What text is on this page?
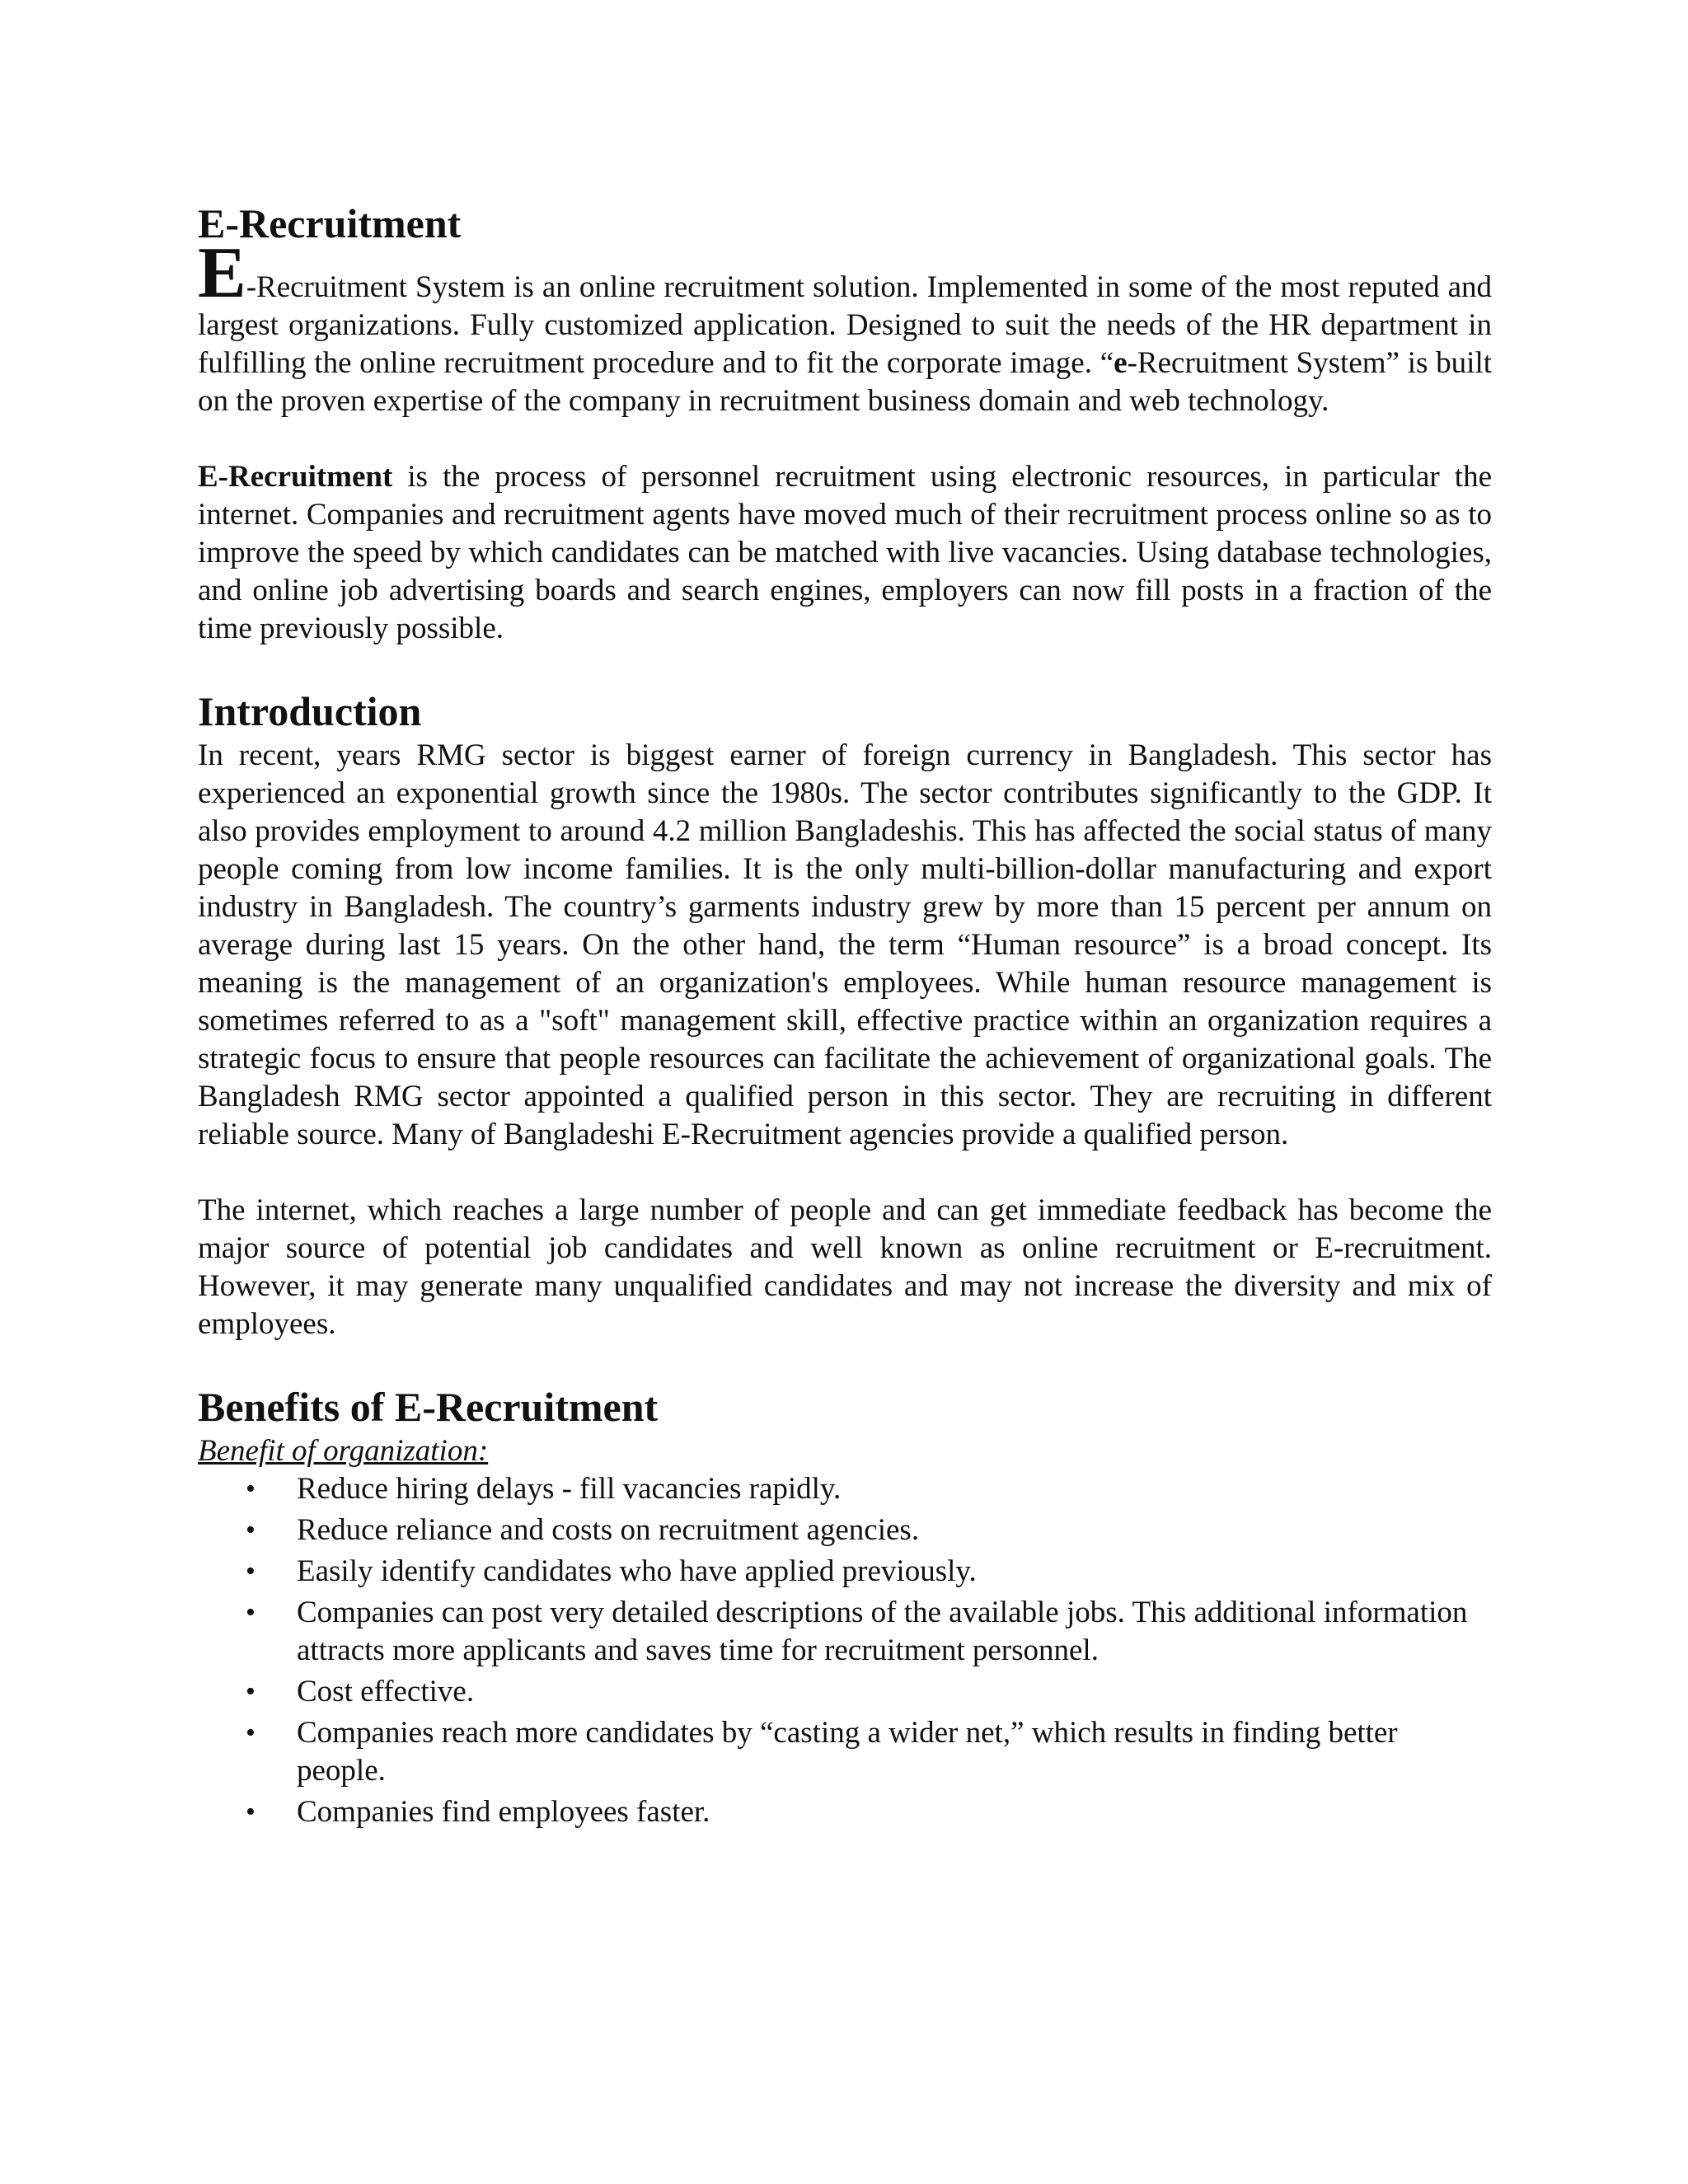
E-Recruitment

E-Recruitment System is an online recruitment solution. Implemented in some of the most reputed and largest organizations. Fully customized application. Designed to suit the needs of the HR department in fulfilling the online recruitment procedure and to fit the corporate image. “e-Recruitment System” is built on the proven expertise of the company in recruitment business domain and web technology.

E-Recruitment is the process of personnel recruitment using electronic resources, in particular the internet. Companies and recruitment agents have moved much of their recruitment process online so as to improve the speed by which candidates can be matched with live vacancies. Using database technologies, and online job advertising boards and search engines, employers can now fill posts in a fraction of the time previously possible.

Introduction

In recent, years RMG sector is biggest earner of foreign currency in Bangladesh. This sector has experienced an exponential growth since the 1980s. The sector contributes significantly to the GDP. It also provides employment to around 4.2 million Bangladeshis. This has affected the social status of many people coming from low income families. It is the only multi-billion-dollar manufacturing and export industry in Bangladesh. The country’s garments industry grew by more than 15 percent per annum on average during last 15 years. On the other hand, the term “Human resource” is a broad concept. Its meaning is the management of an organization's employees. While human resource management is sometimes referred to as a "soft" management skill, effective practice within an organization requires a strategic focus to ensure that people resources can facilitate the achievement of organizational goals. The Bangladesh RMG sector appointed a qualified person in this sector. They are recruiting in different reliable source. Many of Bangladeshi E-Recruitment agencies provide a qualified person.

The internet, which reaches a large number of people and can get immediate feedback has become the major source of potential job candidates and well known as online recruitment or E-recruitment. However, it may generate many unqualified candidates and may not increase the diversity and mix of employees.

Benefits of E-Recruitment

Benefit of organization:

• Reduce hiring delays - fill vacancies rapidly.
• Reduce reliance and costs on recruitment agencies.
• Easily identify candidates who have applied previously.
• Companies can post very detailed descriptions of the available jobs. This additional information attracts more applicants and saves time for recruitment personnel.
• Cost effective.
• Companies reach more candidates by “casting a wider net,” which results in finding better people.
• Companies find employees faster.
